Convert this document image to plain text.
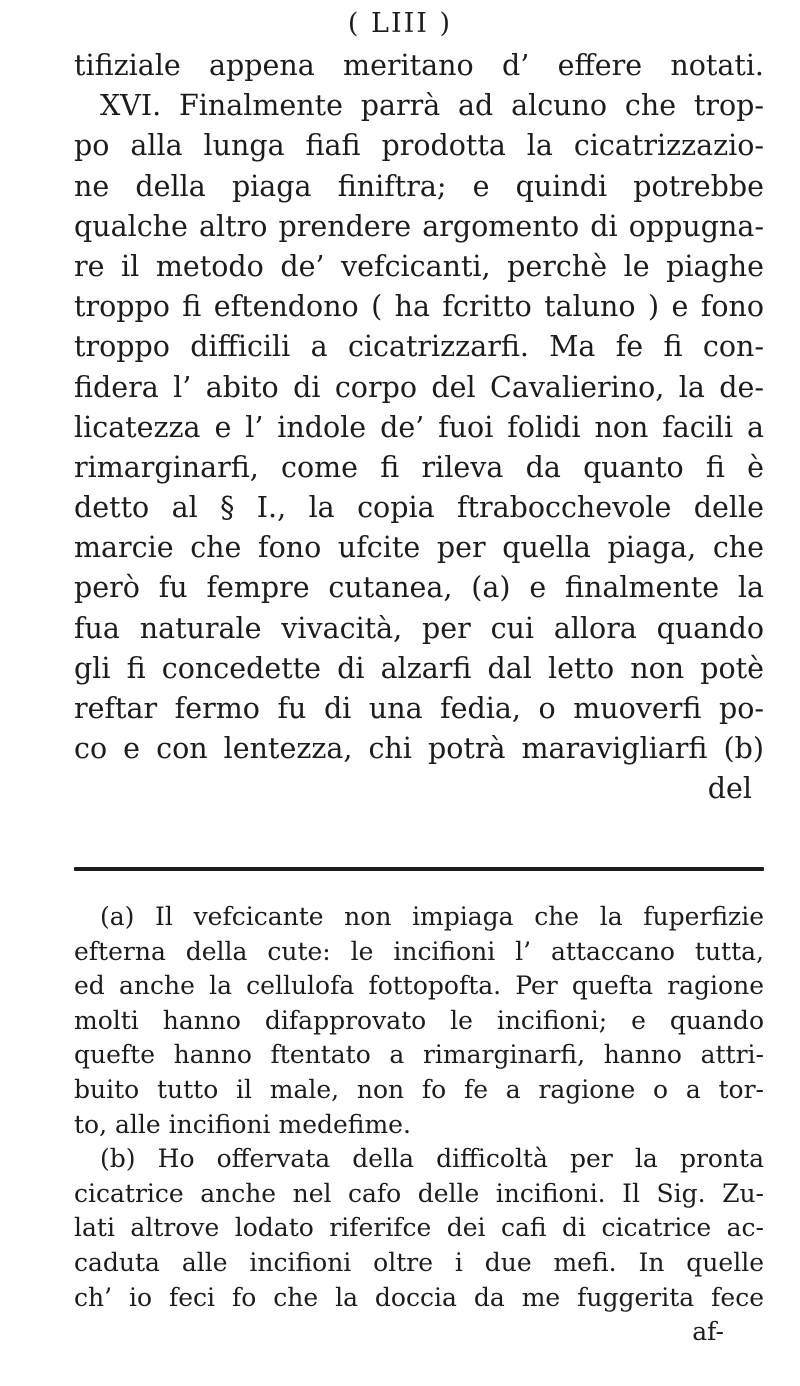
( LIII )
tifiziale appena meritano d’ effere notati.
XVI. Finalmente parrà ad alcuno che trop-
po alla lunga fiafi prodotta la cicatrizzazio-
ne della piaga finiftra; e quindi potrebbe
qualche altro prendere argomento di oppugna-
re il metodo de’ vefcicanti, perchè le piaghe
troppo fi eftendono ( ha fcritto taluno ) e fono
troppo difficili a cicatrizzarfi. Ma fe fi con-
fidera l’ abito di corpo del Cavalierino, la de-
licatezza e l’ indole de’ fuoi folidi non facili a
rimarginarfi, come fi rileva da quanto fi è
detto al § I., la copia ftrabocchevole delle
marcie che fono ufcite per quella piaga, che
però fu fempre cutanea, (a) e finalmente la
fua naturale vivacità, per cui allora quando
gli fi concedette di alzarfi dal letto non potè
reftar fermo fu di una fedia, o muoverfi po-
co e con lentezza, chi potrà maravigliarfi (b)
del
(a) Il vefcicante non impiaga che la fuperfizie
efterna della cute: le incifioni l’ attaccano tutta,
ed anche la cellulofa fottopofta. Per quefta ragione
molti hanno difapprovato le incifioni; e quando
quefte hanno ftentato a rimarginarfi, hanno attri-
buito tutto il male, non fo fe a ragione o a tor-
to, alle incifioni medefime.
(b) Ho offervata della difficoltà per la pronta
cicatrice anche nel cafo delle incifioni. Il Sig. Zu-
lati altrove lodato riferifce dei cafi di cicatrice ac-
caduta alle incifioni oltre i due mefi. In quelle
ch’ io feci fo che la doccia da me fuggerita fece
af-
